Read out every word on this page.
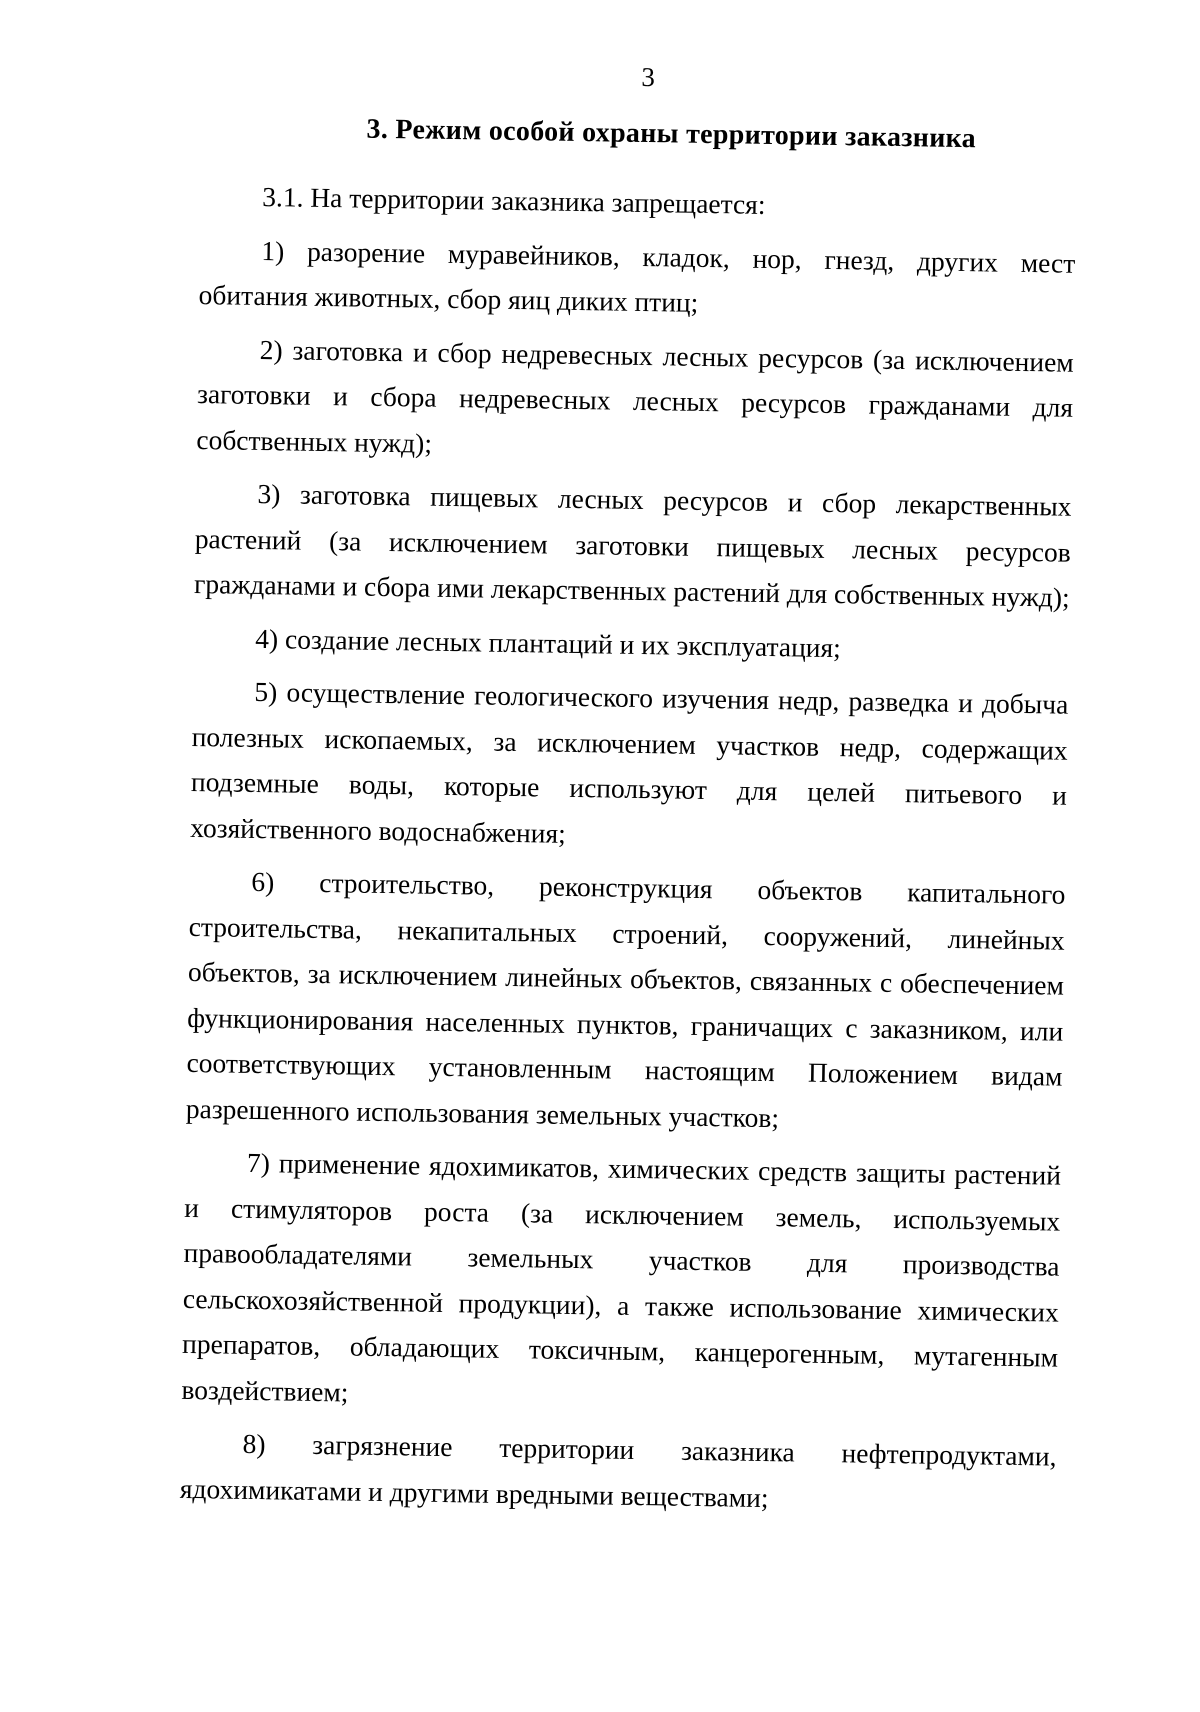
3
3. Режим особой охраны территории заказника

3.1. На территории заказника запрещается:

1) разорение муравейников, кладок, нор, гнезд, других мест обитания животных, сбор яиц диких птиц;

2) заготовка и сбор недревесных лесных ресурсов (за исключением заготовки и сбора недревесных лесных ресурсов гражданами для собственных нужд);

3) заготовка пищевых лесных ресурсов и сбор лекарственных растений (за исключением заготовки пищевых лесных ресурсов гражданами и сбора ими лекарственных растений для собственных нужд);

4) создание лесных плантаций и их эксплуатация;

5) осуществление геологического изучения недр, разведка и добыча полезных ископаемых, за исключением участков недр, содержащих подземные воды, которые используют для целей питьевого и хозяйственного водоснабжения;

6) строительство, реконструкция объектов капитального строительства, некапитальных строений, сооружений, линейных объектов, за исключением линейных объектов, связанных с обеспечением функционирования населенных пунктов, граничащих с заказником, или соответствующих установленным настоящим Положением видам разрешенного использования земельных участков;

7) применение ядохимикатов, химических средств защиты растений и стимуляторов роста (за исключением земель, используемых правообладателями земельных участков для производства сельскохозяйственной продукции), а также использование химических препаратов, обладающих токсичным, канцерогенным, мутагенным воздействием;

8) загрязнение территории заказника нефтепродуктами, ядохимикатами и другими вредными веществами;
